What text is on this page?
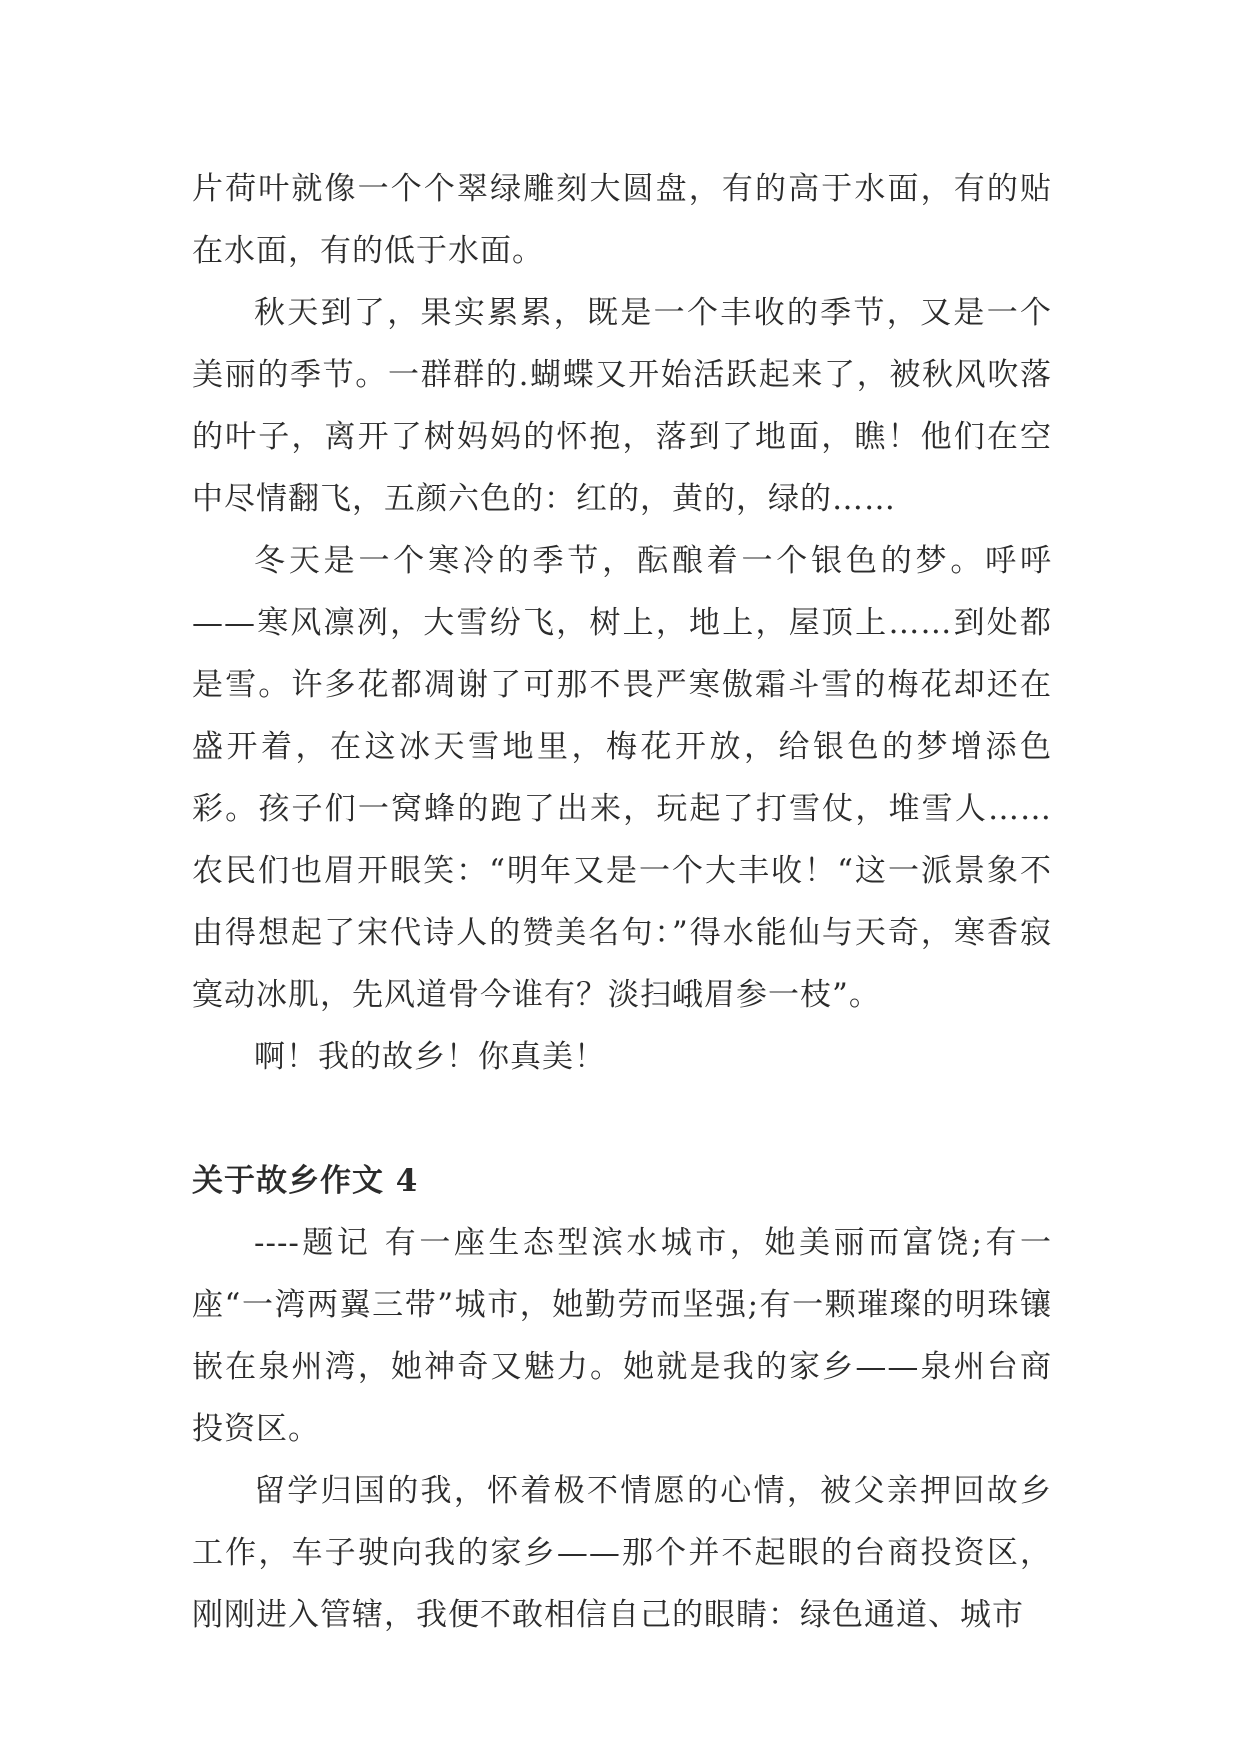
片荷叶就像一个个翠绿雕刻大圆盘，有的高于水面，有的贴在水面，有的低于水面。

秋天到了，果实累累，既是一个丰收的季节，又是一个美丽的季节。一群群的.蝴蝶又开始活跃起来了，被秋风吹落的叶子，离开了树妈妈的怀抱，落到了地面，瞧！他们在空中尽情翻飞，五颜六色的：红的，黄的，绿的……

冬天是一个寒冷的季节，酝酿着一个银色的梦。呼呼——寒风凛冽，大雪纷飞，树上，地上，屋顶上……到处都是雪。许多花都凋谢了可那不畏严寒傲霜斗雪的梅花却还在盛开着，在这冰天雪地里，梅花开放，给银色的梦增添色彩。孩子们一窝蜂的跑了出来，玩起了打雪仗，堆雪人……农民们也眉开眼笑：“明年又是一个大丰收！“这一派景象不由得想起了宋代诗人的赞美名句：”得水能仙与天奇，寒香寂寞动冰肌，先风道骨今谁有？淡扫峨眉参一枝”。

啊！我的故乡！你真美！

关于故乡作文 4

----题记 有一座生态型滨水城市，她美丽而富饶;有一座“一湾两翼三带”城市，她勤劳而坚强;有一颗璀璨的明珠镶嵌在泉州湾，她神奇又魅力。她就是我的家乡——泉州台商投资区。

留学归国的我，怀着极不情愿的心情，被父亲押回故乡工作，车子驶向我的家乡——那个并不起眼的台商投资区，刚刚进入管辖，我便不敢相信自己的眼睛：绿色通道、城市
